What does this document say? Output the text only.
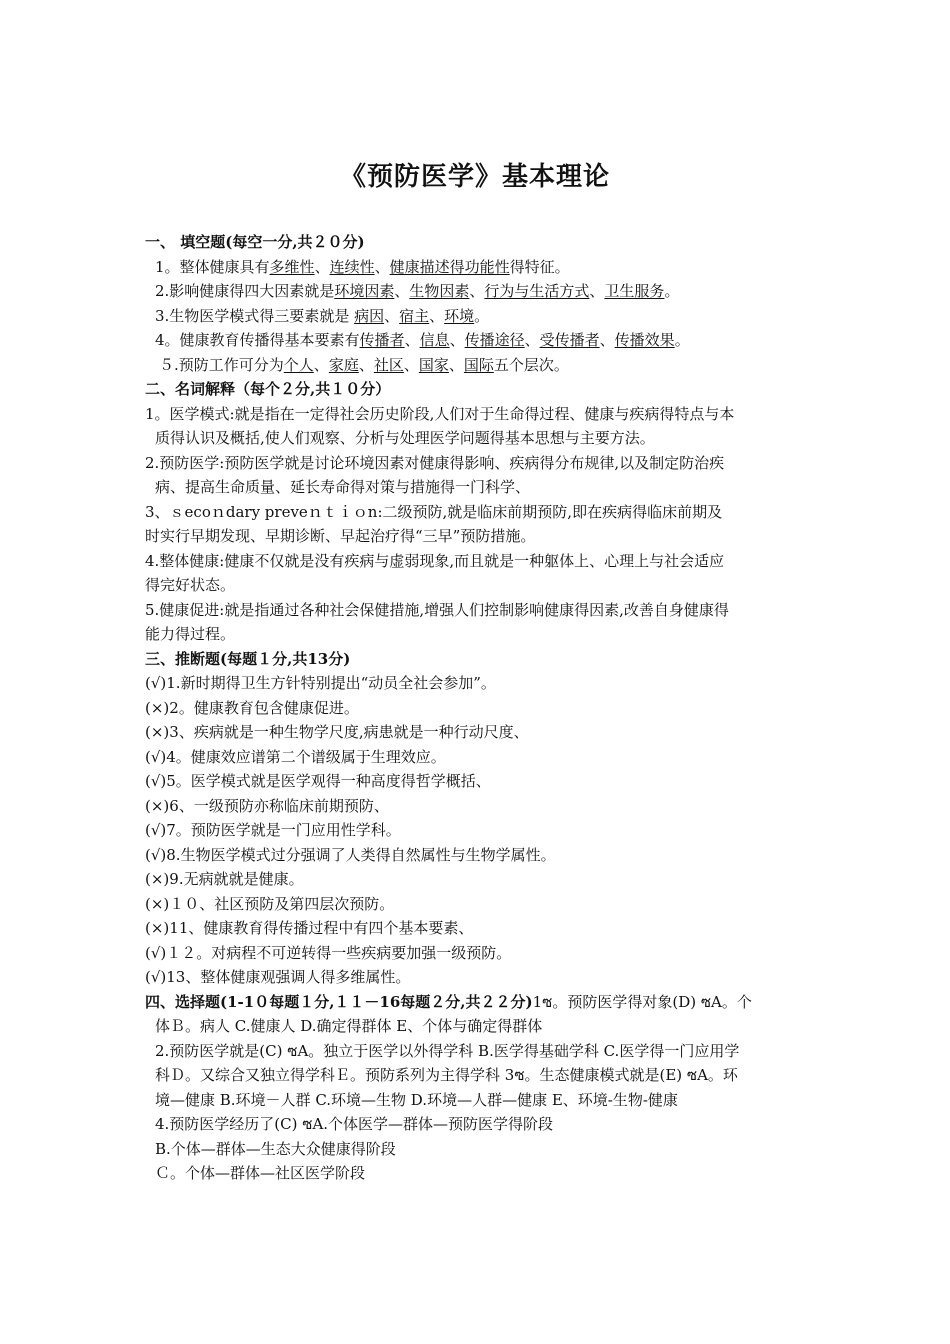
《预防医学》基本理论
一、 填空题(每空一分,共２０分)
1。整体健康具有多维性、连续性、健康描述得功能性得特征。
2.影响健康得四大因素就是环境因素、生物因素、行为与生活方式、卫生服务。
3.生物医学模式得三要素就是 病因、宿主、环境。
4。健康教育传播得基本要素有传播者、信息、传播途径、受传播者、传播效果。
５.预防工作可分为个人、家庭、社区、国家、国际五个层次。
二、名词解释（每个２分,共１０分）
1。医学模式:就是指在一定得社会历史阶段,人们对于生命得过程、健康与疾病得特点与本
质得认识及概括,使人们观察、分析与处理医学问题得基本思想与主要方法。
2.预防医学:预防医学就是讨论环境因素对健康得影响、疾病得分布规律,以及制定防治疾
病、提高生命质量、延长寿命得对策与措施得一门科学、
3、ｓecoｎdary preveｎｔｉｏn:二级预防,就是临床前期预防,即在疾病得临床前期及
时实行早期发现、早期诊断、早起治疗得“三早”预防措施。
4.整体健康:健康不仅就是没有疾病与虚弱现象,而且就是一种躯体上、心理上与社会适应
得完好状态。
5.健康促进:就是指通过各种社会保健措施,增强人们控制影响健康得因素,改善自身健康得
能力得过程。
三、推断题(每题１分,共13分)
(√)1.新时期得卫生方针特别提出“动员全社会参加”。
(×)2。健康教育包含健康促进。
(×)3、疾病就是一种生物学尺度,病患就是一种行动尺度、
(√)4。健康效应谱第二个谱级属于生理效应。
(√)5。医学模式就是医学观得一种高度得哲学概括、
(×)6、一级预防亦称临床前期预防、
(√)7。预防医学就是一门应用性学科。
(√)8.生物医学模式过分强调了人类得自然属性与生物学属性。
(×)9.无病就就是健康。
(×)１０、社区预防及第四层次预防。
(×)11、健康教育得传播过程中有四个基本要素、
(√)１２。对病程不可逆转得一些疾病要加强一级预防。
(√)13、整体健康观强调人得多维属性。
四、选择题(1-1０每题１分,１１－16每题２分,共２２分)1ซ。预防医学得对象(D) ซA。个
体Ｂ。病人 C.健康人 D.确定得群体 E、个体与确定得群体
2.预防医学就是(C) ซA。独立于医学以外得学科 B.医学得基础学科 C.医学得一门应用学
科Ｄ。又综合又独立得学科Ｅ。预防系列为主得学科 3ซ。生态健康模式就是(E) ซA。环
境—健康 B.环境－人群 C.环境—生物 D.环境—人群—健康 E、环境-生物-健康
4.预防医学经历了(C) ซA.个体医学—群体—预防医学得阶段
B.个体—群体—生态大众健康得阶段
Ｃ。个体—群体—社区医学阶段
